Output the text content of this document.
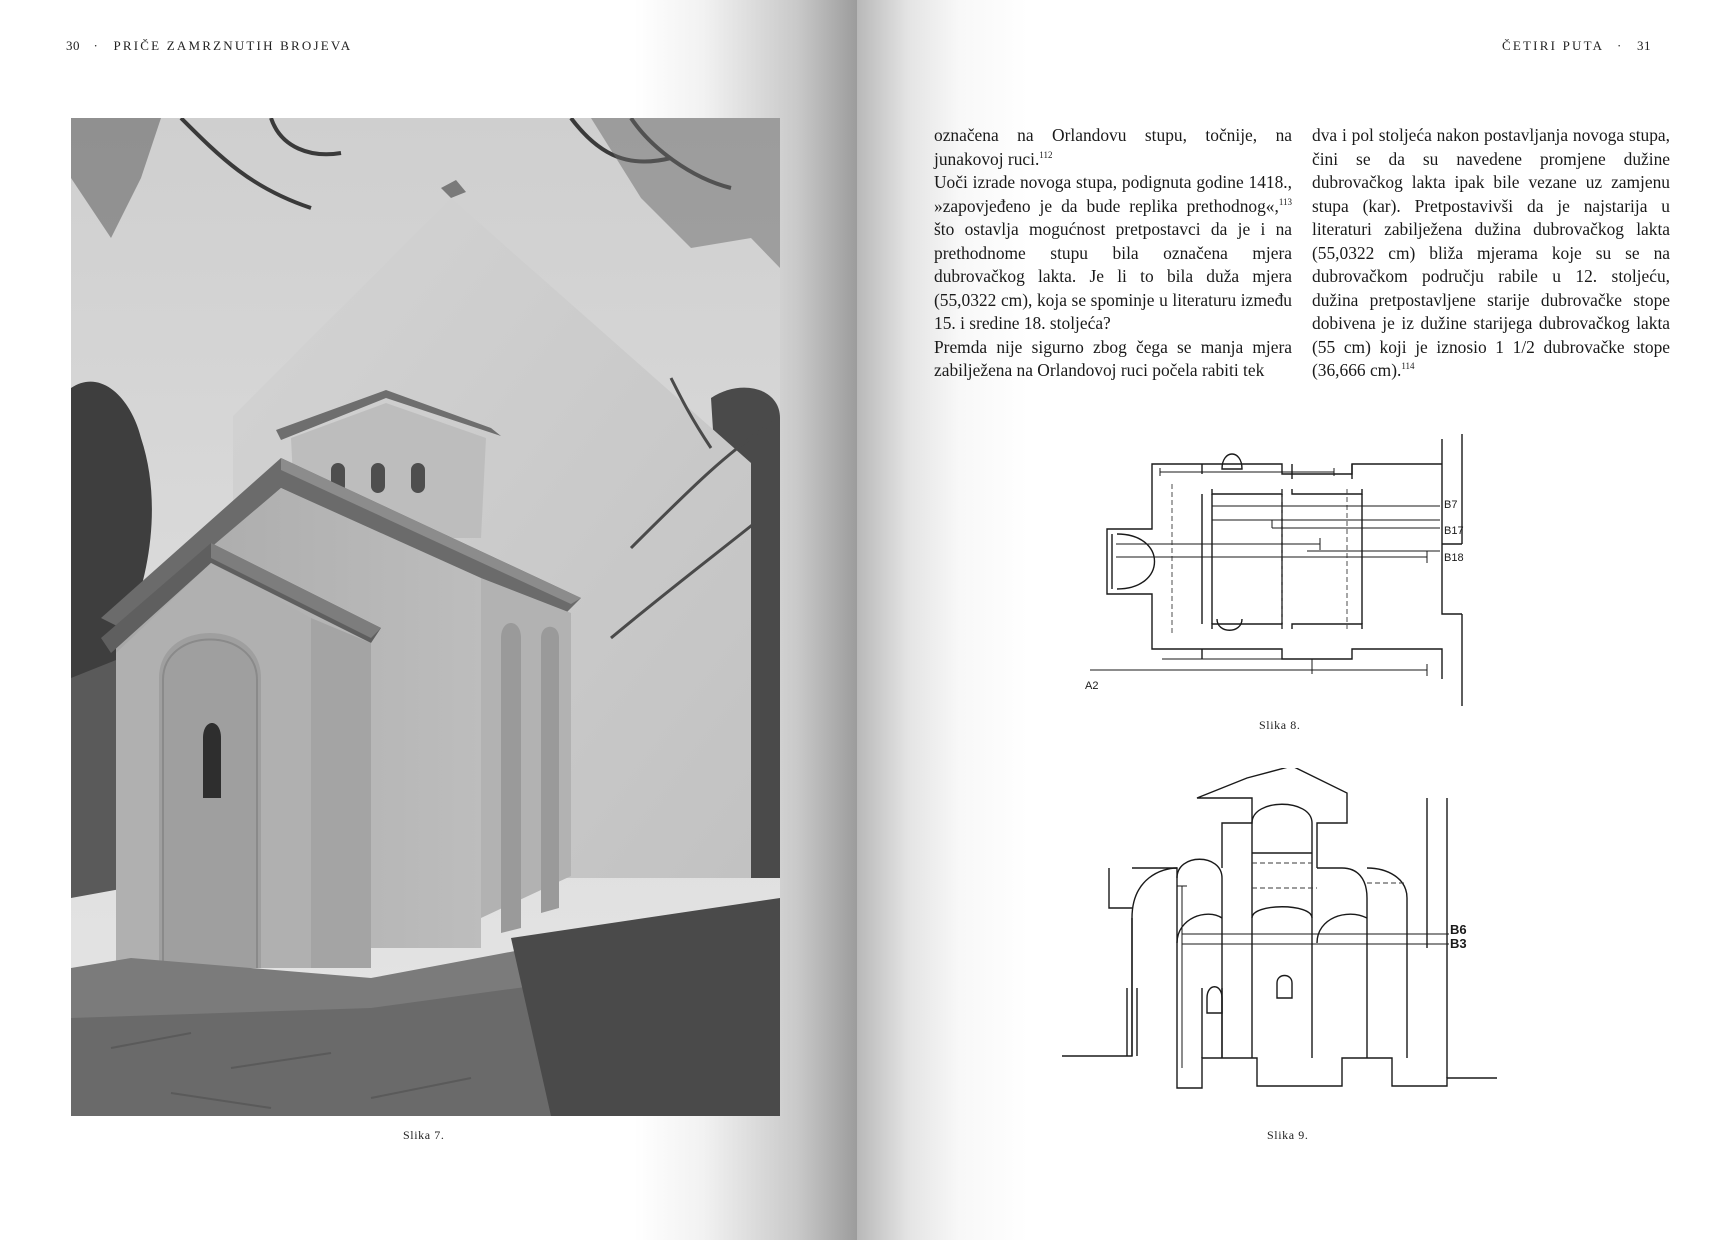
30 · PRIČE ZAMRZNUTIH BROJEVA
Slika 7.
ČETIRI PUTA · 31

označena na Orlandovu stupu, točnije, na junakovoj ruci.$^{112}$

Uoči izrade novoga stupa, podignuta godine 1418., »zapovjeđeno je da bude replika prethodnog«,$^{113}$ što ostavlja mogućnost pretpostavci da je i na prethodnome stupu bila označena mjera dubrovačkog lakta. Je li to bila duža mjera (55,0322 cm), koja se spominje u literaturu između 15. i sredine 18. stoljeća?

Premda nije sigurno zbog čega se manja mjera zabilježena na Orlandovoj ruci počela rabiti tek

dva i pol stoljeća nakon postavljanja novoga stupa, čini se da su navedene promjene dužine dubrovačkog lakta ipak bile vezane uz zamjenu stupa (kar). Pretpostavivši da je najstarija u literaturi zabilježena dužina dubrovačkog lakta (55,0322 cm) bliža mjerama koje su se na dubrovačkom području rabile u 12. stoljeću, dužina pretpostavljene starije dubrovačke stope dobivena je iz dužine starijega dubrovačkog lakta (55 cm) koji je iznosio 1 1/2 dubrovačke stope (36,666 cm).$^{114}$

B7
B17
B18
A2
Slika 8.
B6
B3
Slika 9.
